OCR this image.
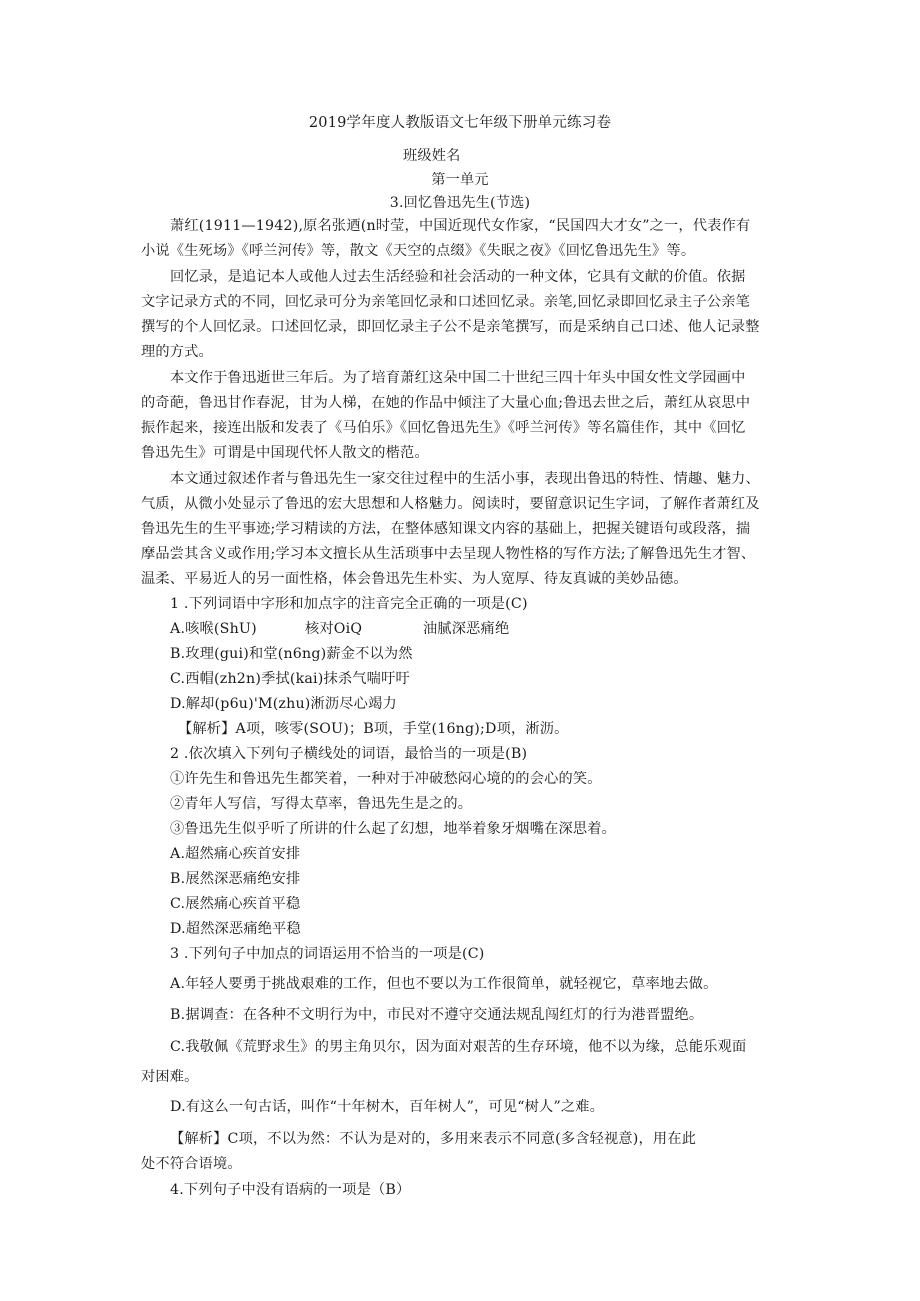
2019学年度人教版语文七年级下册单元练习卷
班级姓名
第一单元
3.回忆鲁迅先生(节选)
萧红(1911—1942),原名张迺(n时莹，中国近现代女作家，“民国四大才女”之一，代表作有
小说《生死场》《呼兰河传》等，散文《天空的点缀》《失眠之夜》《回忆鲁迅先生》等。
回忆录，是追记本人或他人过去生活经验和社会活动的一种文体，它具有文献的价值。依据
文字记录方式的不同，回忆录可分为亲笔回忆录和口述回忆录。亲笔,回忆录即回忆录主子公亲笔
撰写的个人回忆录。口述回忆录，即回忆录主子公不是亲笔撰写，而是采纳自己口述、他人记录整
理的方式。
本文作于鲁迅逝世三年后。为了培育萧红这朵中国二十世纪三四十年头中国女性文学园画中
的奇葩，鲁迅甘作春泥，甘为人梯，在她的作品中倾注了大量心血;鲁迅去世之后，萧红从哀思中
振作起来，接连出版和发表了《马伯乐》《回忆鲁迅先生》《呼兰河传》等名篇佳作，其中《回忆
鲁迅先生》可谓是中国现代怀人散文的楷范。
本文通过叙述作者与鲁迅先生一家交往过程中的生活小事，表现出鲁迅的特性、情趣、魅力、
气质，从微小处显示了鲁迅的宏大思想和人格魅力。阅读时，要留意识记生字词，了解作者萧红及
鲁迅先生的生平事迹;学习精读的方法，在整体感知课文内容的基础上，把握关键语句或段落，揣
摩品尝其含义或作用;学习本文擅长从生活琐事中去呈现人物性格的写作方法;了解鲁迅先生才智、
温柔、平易近人的另一面性格，体会鲁迅先生朴实、为人宽厚、待友真诚的美妙品德。
1 .下列词语中字形和加点字的注音完全正确的一项是(C)
A.咳喉(ShU)	核对OiQ	油腻深恶痛绝
B.玫理(gui)和堂(n6ng)薪金不以为然
C.西帽(zh2n)季拭(kai)抹杀气喘吁吁
D.解却(p6u)'M(zhu)淅沥尽心竭力
【解析】A项，咳零(SOU)；B项，手堂(16ng);D项，淅沥。
2 .依次填入下列句子横线处的词语，最恰当的一项是(B)
①许先生和鲁迅先生都笑着，一种对于冲破愁闷心境的的会心的笑。
②青年人写信，写得太草率，鲁迅先生是之的。
③鲁迅先生似乎听了所讲的什么起了幻想，地举着象牙烟嘴在深思着。
A.超然痛心疾首安排
B.展然深恶痛绝安排
C.展然痛心疾首平稳
D.超然深恶痛绝平稳
3 .下列句子中加点的词语运用不恰当的一项是(C)
A.年轻人要勇于挑战艰难的工作，但也不要以为工作很简单，就轻视它，草率地去做。
B.据调查：在各种不文明行为中，市民对不遵守交通法规乱闯红灯的行为港晋盟绝。
C.我敬佩《荒野求生》的男主角贝尔，因为面对艰苦的生存环境，他不以为缘，总能乐观面
对困难。
D.有这么一句古话，叫作“十年树木，百年树人”，可见“树人”之难。
【解析】C项，不以为然：不认为是对的，多用来表示不同意(多含轻视意)，用在此
处不符合语境。
4.下列句子中没有语病的一项是（B）
